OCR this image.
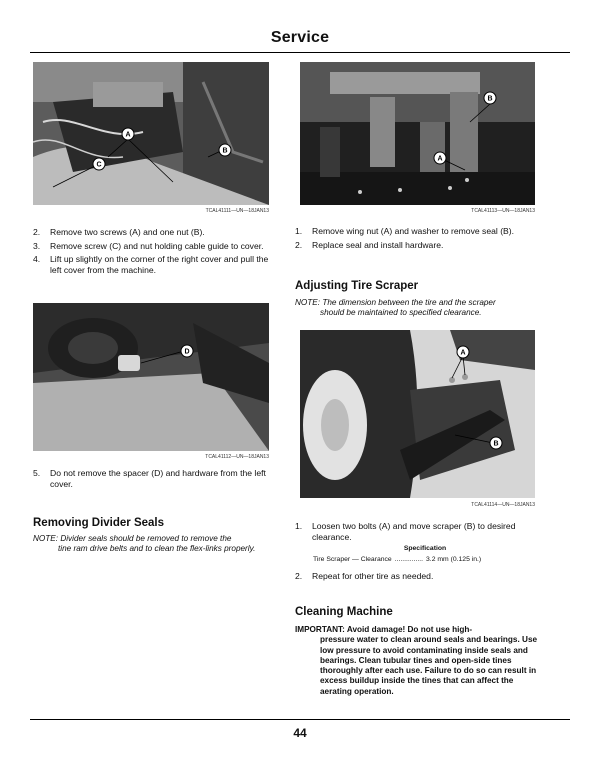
Service
A
B
C
TCAL41111—UN—18JAN13
2.	Remove two screws (A) and one nut (B).
3.	Remove screw (C) and nut holding cable guide to cover.
4.	Lift up slightly on the corner of the right cover and pull the left cover from the machine.
D
TCAL41112—UN—18JAN13
5.	Do not remove the spacer (D) and hardware from the left cover.
Removing Divider Seals
NOTE: Divider seals should be removed to remove the
tine ram drive belts and to clean the flex-links properly.
B
A
TCAL41113—UN—18JAN13
1.	Remove wing nut (A) and washer to remove seal (B).
2.	Replace seal and install hardware.
Adjusting Tire Scraper
NOTE: The dimension between the tire and the scraper
should be maintained to specified clearance.
A
B
TCAL41114—UN—18JAN13
1.	Loosen two bolts (A) and move scraper (B) to desired clearance.
Specification
Tire Scraper — Clearance ............... 3.2 mm (0.125 in.)
2.	Repeat for other tire as needed.
Cleaning Machine
IMPORTANT: Avoid damage! Do not use high-
pressure water to clean around seals and bearings. Use low pressure to avoid contaminating inside seals and bearings. Clean tubular tines and open-side tines thoroughly after each use. Failure to do so can result in excess buildup inside the tines that can affect the aerating operation.
44
